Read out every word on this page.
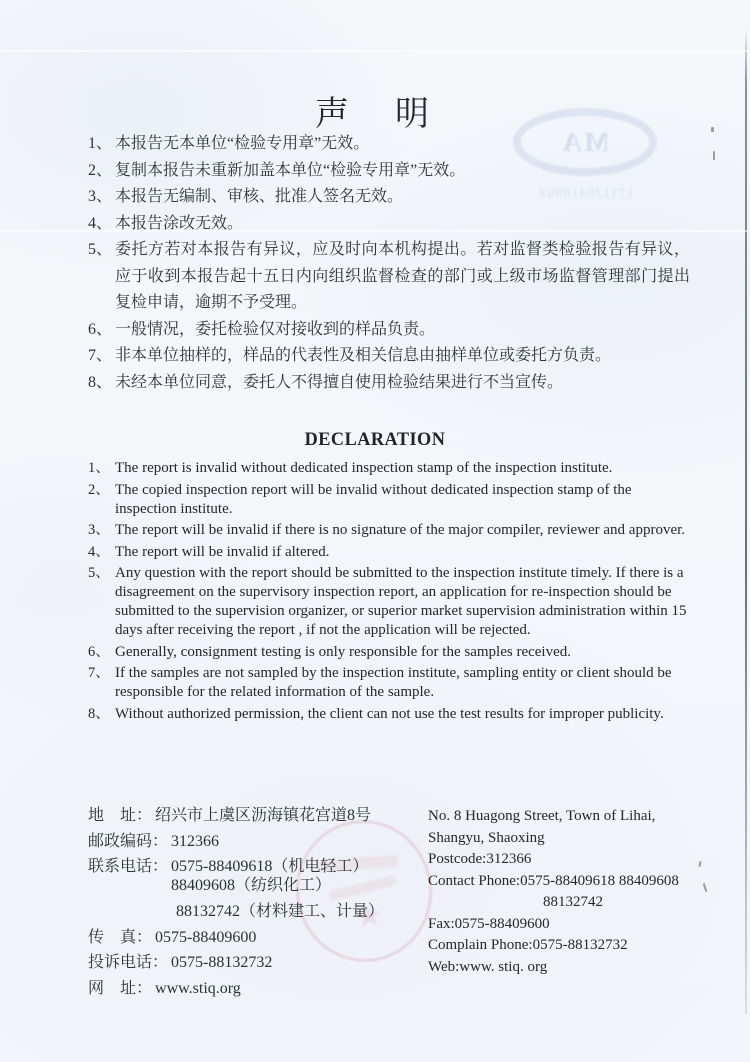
MA
17112041006Z
声　明
1、 本报告无本单位“检验专用章”无效。
2、 复制本报告未重新加盖本单位“检验专用章”无效。
3、 本报告无编制、审核、批准人签名无效。
4、 本报告涂改无效。
5、 委托方若对本报告有异议，应及时向本机构提出。若对监督类检验报告有异议，应于收到本报告起十五日内向组织监督检查的部门或上级市场监督管理部门提出复检申请，逾期不予受理。
6、 一般情况，委托检验仅对接收到的样品负责。
7、 非本单位抽样的，样品的代表性及相关信息由抽样单位或委托方负责。
8、 未经本单位同意，委托人不得擅自使用检验结果进行不当宣传。
DECLARATION
1、 The report is invalid without dedicated inspection stamp of the inspection institute.
2、 The copied inspection report will be invalid without dedicated inspection stamp of the inspection institute.
3、 The report will be invalid if there is no signature of the major compiler, reviewer and approver.
4、 The report will be invalid if altered.
5、 Any question with the report should be submitted to the inspection institute timely. If there is a disagreement on the supervisory inspection report, an application for re-inspection should be submitted to the supervision organizer, or superior market supervision administration within 15 days after receiving the report , if not the application will be rejected.
6、 Generally, consignment testing is only responsible for the samples received.
7、 If the samples are not sampled by the inspection institute, sampling entity or client should be responsible for the related information of the sample.
8、 Without authorized permission, the client can not use the test results for improper publicity.
地　址： 绍兴市上虞区沥海镇花宫道8号
邮政编码： 312366
联系电话： 0575-88409618（机电轻工）　88409608（纺织化工）
88132742（材料建工、计量）
传　真： 0575-88409600
投诉电话： 0575-88132732
网　址： www.stiq.org
No. 8 Huagong Street, Town of Lihai,
Shangyu, Shaoxing
Postcode:312366
Contact Phone:0575-88409618 88409608
88132742
Fax:0575-88409600
Complain Phone:0575-88132732
Web:www. stiq. org
